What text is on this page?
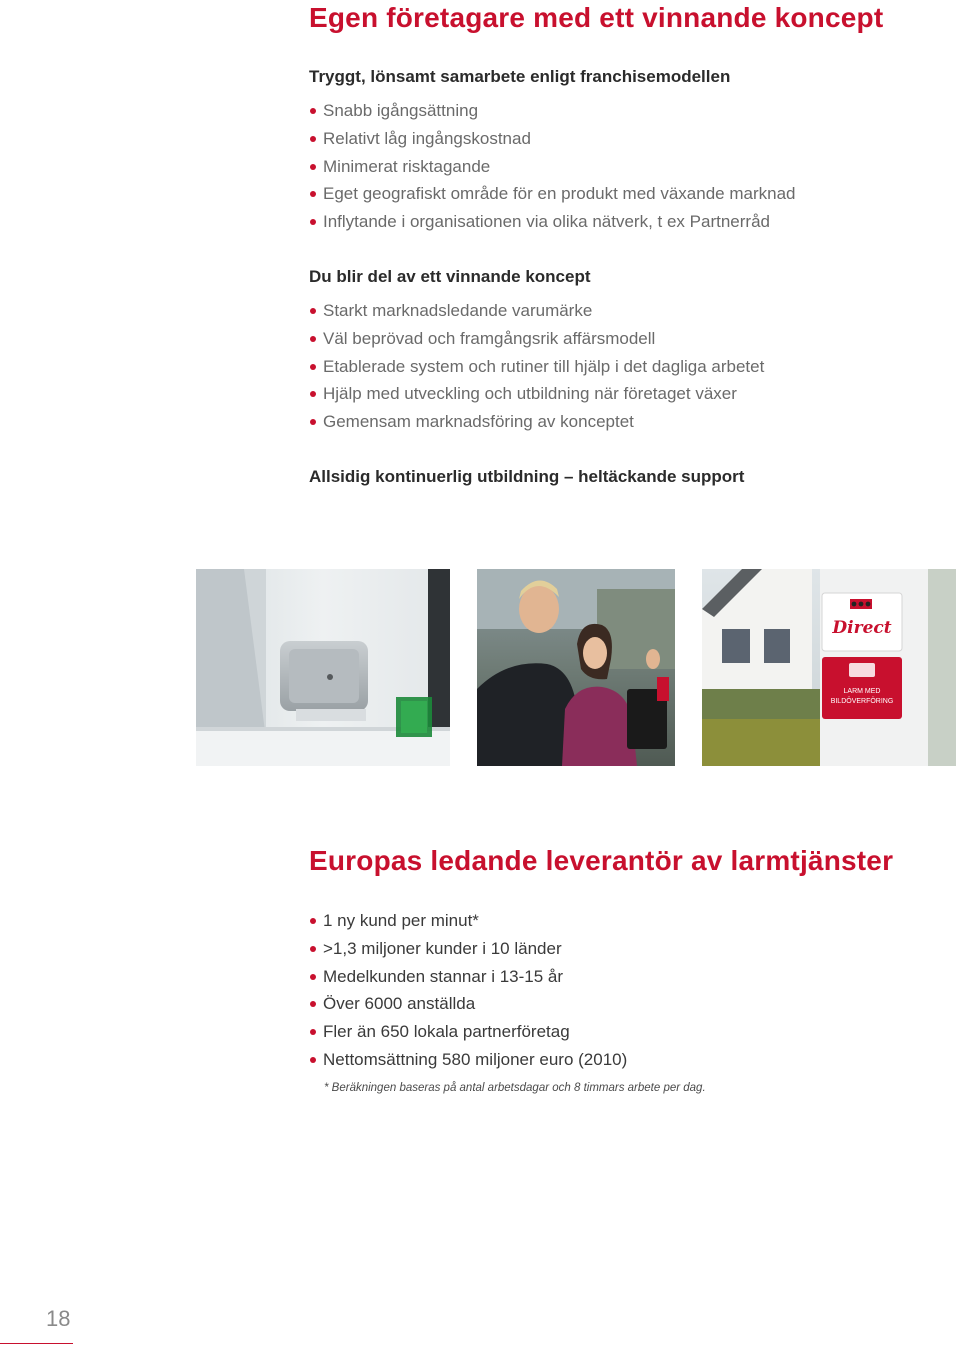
Egen företagare med ett vinnande koncept
Tryggt, lönsamt samarbete enligt franchisemodellen
Snabb igångsättning
Relativt låg ingångskostnad
Minimerat risktagande
Eget geografiskt område för en produkt med växande marknad
Inflytande i organisationen via olika nätverk, t ex Partnerråd
Du blir del av ett vinnande koncept
Starkt marknadsledande varumärke
Väl beprövad och framgångsrik affärsmodell
Etablerade system och rutiner till hjälp i det dagliga arbetet
Hjälp med utveckling och utbildning när företaget växer
Gemensam marknadsföring av konceptet
Allsidig kontinuerlig utbildning – heltäckande support
Direct
LARM MED
BILDÖVERFÖRING
Europas ledande leverantör av larmtjänster
1 ny kund per minut*
>1,3 miljoner kunder i 10 länder
Medelkunden stannar i 13-15 år
Över 6000 anställda
Fler än 650 lokala partnerföretag
Nettomsättning 580 miljoner euro (2010)
* Beräkningen baseras på antal arbetsdagar och 8 timmars arbete per dag.
18
